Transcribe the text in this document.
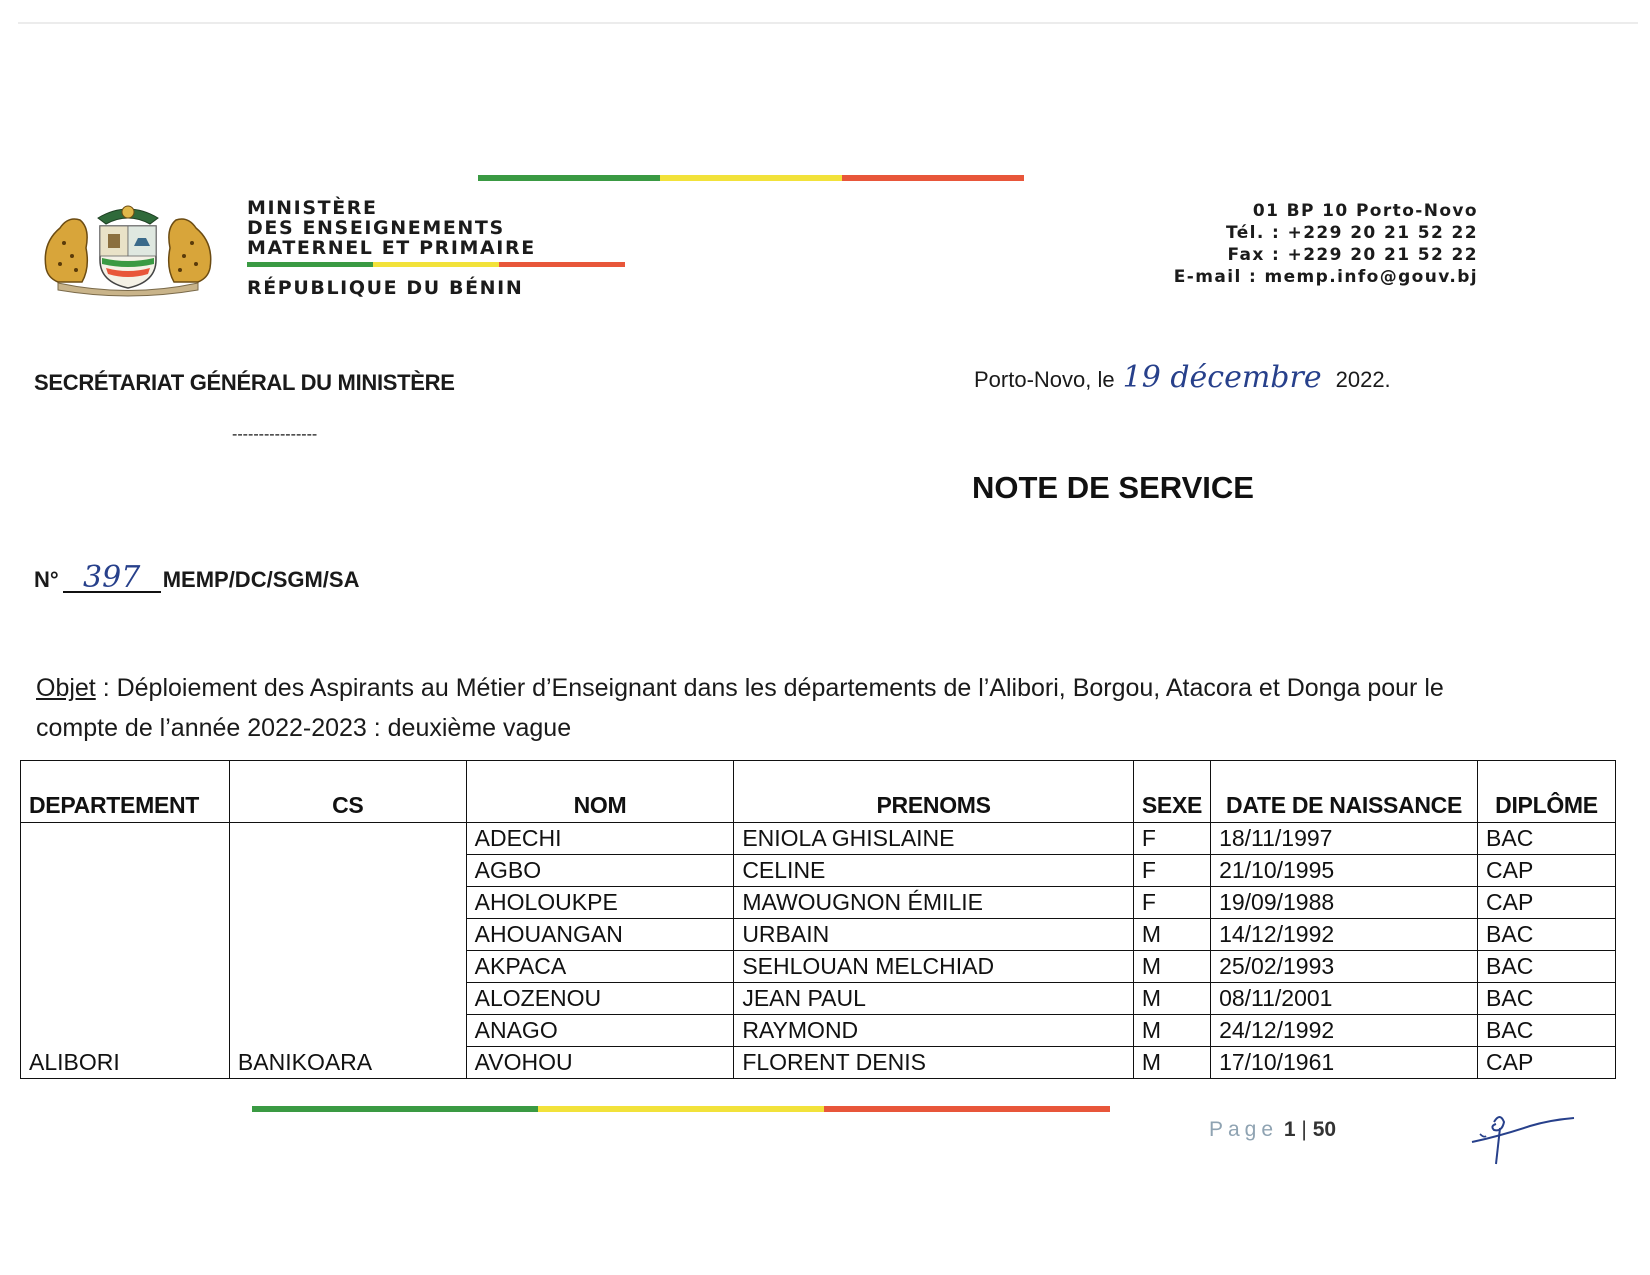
MINISTÈRE
DES ENSEIGNEMENTS
MATERNEL ET PRIMAIRE
RÉPUBLIQUE DU BÉNIN
01 BP 10 Porto-Novo
Tél. : +229 20 21 52 22
Fax : +229 20 21 52 22
E-mail : memp.info@gouv.bj
SECRÉTARIAT GÉNÉRAL DU MINISTÈRE
----------------
Porto-Novo, le 19 décembre 2022.
NOTE DE SERVICE
N° 397 MEMP/DC/SGM/SA
Objet : Déploiement des Aspirants au Métier d’Enseignant dans les départements de l’Alibori, Borgou, Atacora et Donga pour le compte de l’année 2022-2023 : deuxième vague
DEPARTEMENT	CS	NOM	PRENOMS	SEXE	DATE DE NAISSANCE	DIPLÔME
ALIBORI	BANIKOARA	ADECHI	ENIOLA GHISLAINE	F	18/11/1997	BAC
		AGBO	CELINE	F	21/10/1995	CAP
		AHOLOUKPE	MAWOUGNON ÉMILIE	F	19/09/1988	CAP
		AHOUANGAN	URBAIN	M	14/12/1992	BAC
		AKPACA	SEHLOUAN MELCHIAD	M	25/02/1993	BAC
		ALOZENOU	JEAN PAUL	M	08/11/2001	BAC
		ANAGO	RAYMOND	M	24/12/1992	BAC
		AVOHOU	FLORENT DENIS	M	17/10/1961	CAP
Page 1 | 50
